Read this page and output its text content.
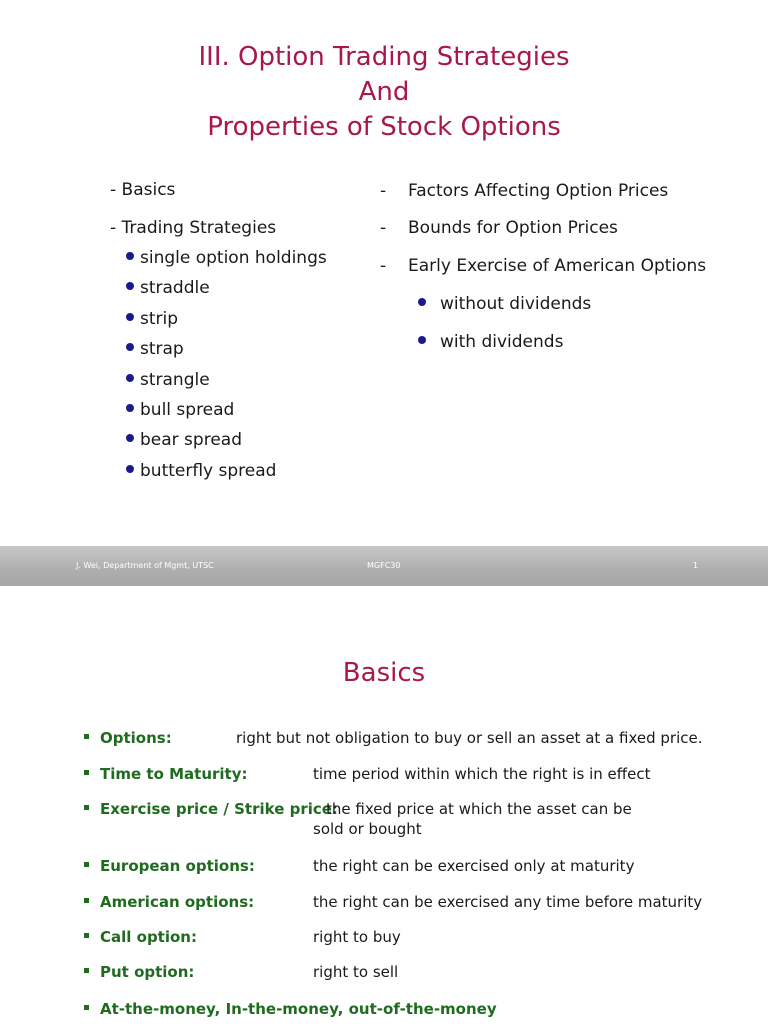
III. Option Trading Strategies
And
Properties of Stock Options
- Basics
- Trading Strategies
single option holdings
straddle
strip
strap
strangle
bull spread
bear spread
butterfly spread
- Factors Affecting Option Prices
- Bounds for Option Prices
- Early Exercise of American Options
without dividends
with dividends
J. Wei, Department of Mgmt, UTSC	MGFC30	1
Basics
Options:	right but not obligation to buy or sell an asset at a fixed price.
Time to Maturity:	time period within which the right is in effect
Exercise price / Strike price:
the fixed price at which the asset can be
sold or bought
European options:	the right can be exercised only at maturity
American options:	the right can be exercised any time before maturity
Call option:	right to buy
Put option:	right to sell
At-the-money, In-the-money, out-of-the-money
